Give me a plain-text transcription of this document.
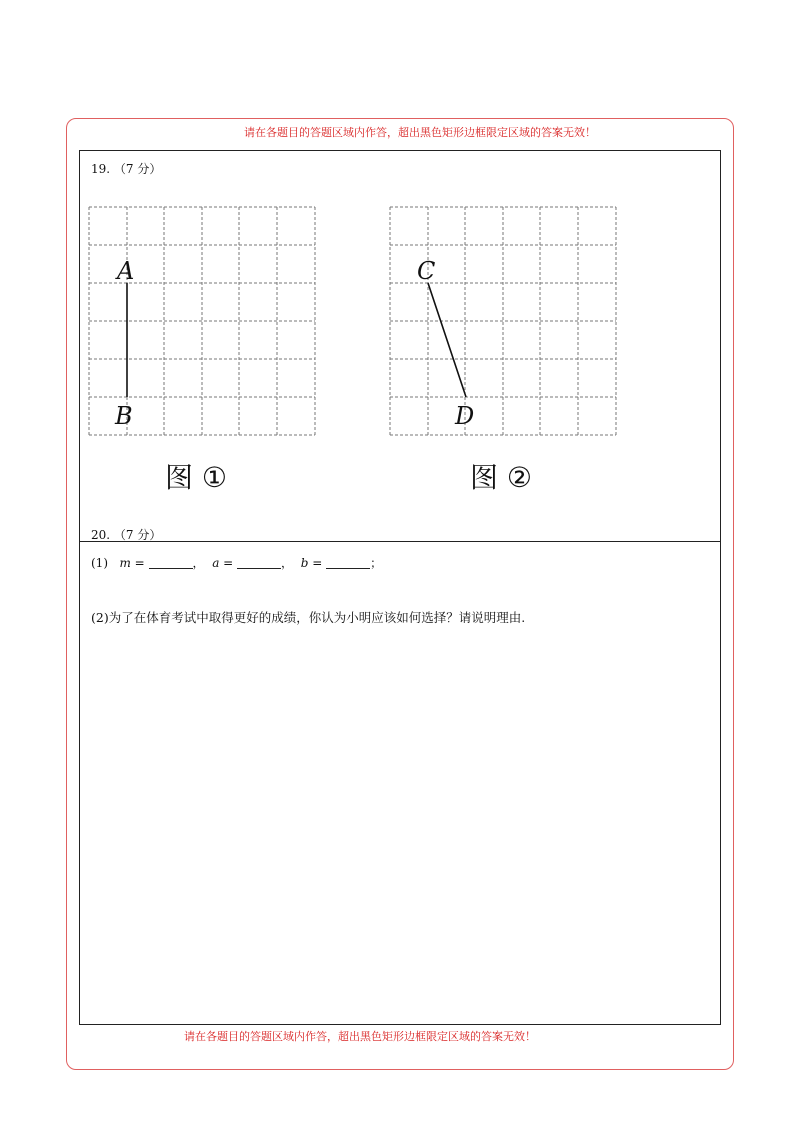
请在各题目的答题区域内作答，超出黑色矩形边框限定区域的答案无效！
请在各题目的答题区域内作答，超出黑色矩形边框限定区域的答案无效！
19. （7 分）
A
B
C
D
图 ①	图 ②
20. （7 分）
(1) m =	， a =	， b =	；
(2)为了在体育考试中取得更好的成绩，你认为小明应该如何选择？请说明理由.
